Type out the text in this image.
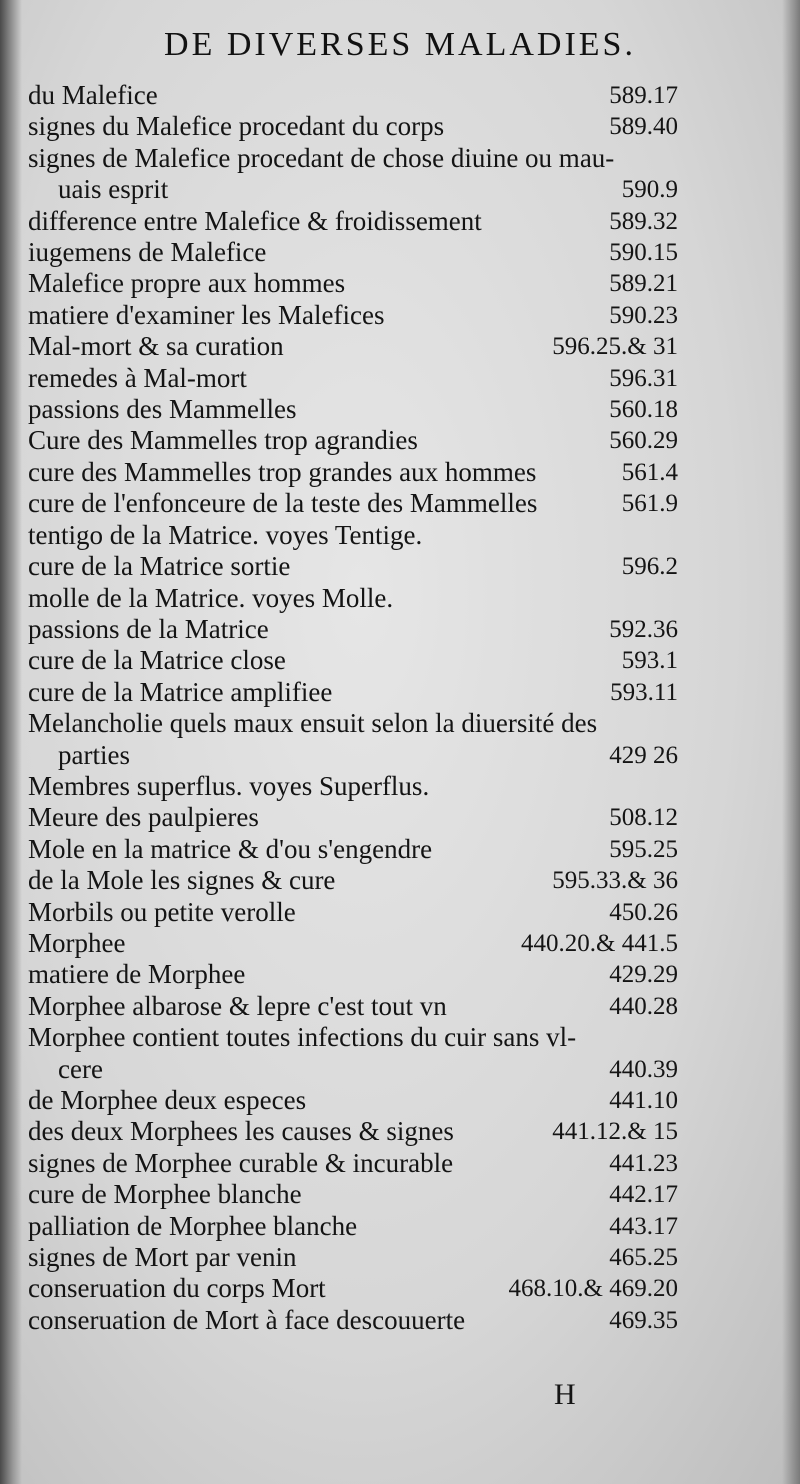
DE DIVERSES MALADIES.
du Malefice	589.17
signes du Malefice procedant du corps	589.40
signes de Malefice procedant de chose diuine ou mau-
uais esprit	590.9
difference entre Malefice & froidissement	589.32
iugemens de Malefice	590.15
Malefice propre aux hommes	589.21
matiere d'examiner les Malefices	590.23
Mal-mort & sa curation	596.25.& 31
remedes à Mal-mort	596.31
passions des Mammelles	560.18
Cure des Mammelles trop agrandies	560.29
cure des Mammelles trop grandes aux hommes	561.4
cure de l'enfonceure de la teste des Mammelles	561.9
tentigo de la Matrice. voyes Tentige.
cure de la Matrice sortie	596.2
molle de la Matrice. voyes Molle.
passions de la Matrice	592.36
cure de la Matrice close	593.1
cure de la Matrice amplifiee	593.11
Melancholie quels maux ensuit selon la diuersité des
parties	429 26
Membres superflus. voyes Superflus.
Meure des paulpieres	508.12
Mole en la matrice & d'ou s'engendre	595.25
de la Mole les signes & cure	595.33.& 36
Morbils ou petite verolle	450.26
Morphee	440.20.& 441.5
matiere de Morphee	429.29
Morphee albarose & lepre c'est tout vn	440.28
Morphee contient toutes infections du cuir sans vl-
cere	440.39
de Morphee deux especes	441.10
des deux Morphees les causes & signes	441.12.& 15
signes de Morphee curable & incurable	441.23
cure de Morphee blanche	442.17
palliation de Morphee blanche	443.17
signes de Mort par venin	465.25
conseruation du corps Mort	468.10.& 469.20
conseruation de Mort à face descouuerte	469.35
H
